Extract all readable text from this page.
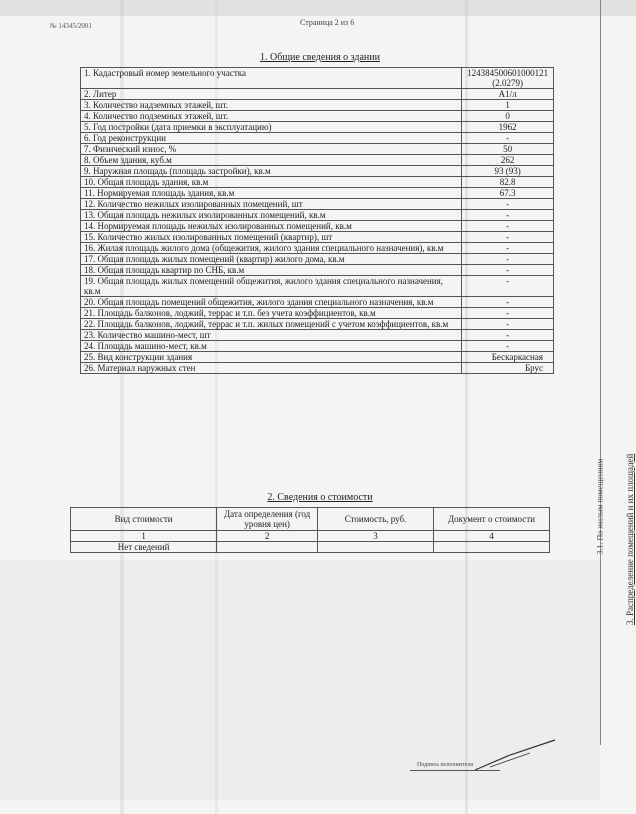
№ 14345/2001	Страница 2 из 6
1. Общие сведения о здании
1. Кадастровый номер земельного участка	124384500601000121 (2.0279)
2. Литер	А1/л
3. Количество надземных этажей, шт.	1
4. Количество подземных этажей, шт.	0
5. Год постройки (дата приемки в эксплуатацию)	1962
6. Год реконструкции	-
7. Физический износ, %	50
8. Объем здания, куб.м	262
9. Наружная площадь (площадь застройки), кв.м	93 (93)
10. Общая площадь здания, кв.м	82.8
11. Нормируемая площадь здания, кв.м	67.3
12. Количество нежилых изолированных помещений, шт	-
13. Общая площадь нежилых изолированных помещений, кв.м	-
14. Нормируемая площадь нежилых изолированных помещений, кв.м	-
15. Количество жилых изолированных помещений (квартир), шт	-
16. Жилая площадь жилого дома (общежития, жилого здания специального назначения), кв.м	-
17. Общая площадь жилых помещений (квартир) жилого дома, кв.м	-
18. Общая площадь квартир по СНБ, кв.м	-
19. Общая площадь жилых помещений общежития, жилого здания специального назначения, кв.м	-
20. Общая площадь помещений общежития, жилого здания специального назначения, кв.м	-
21. Площадь балконов, лоджий, террас и т.п. без учета коэффициентов, кв.м	-
22. Площадь балконов, лоджий, террас и т.п. жилых помещений с учетом коэффициентов, кв.м	-
23. Количество машино-мест, шт	-
24. Площадь машино-мест, кв.м	-
25. Вид конструкции здания	Бескаркасная
26. Материал наружных стен	Брус
2. Сведения о стоимости
Вид стоимости	Дата определения (год уровня цен)	Стоимость, руб.	Документ о стоимости
1	2	3	4
Нет сведений				3. Распределение помещений и их площадей
3.1. По жилым помещениям
Подпись исполнителя
